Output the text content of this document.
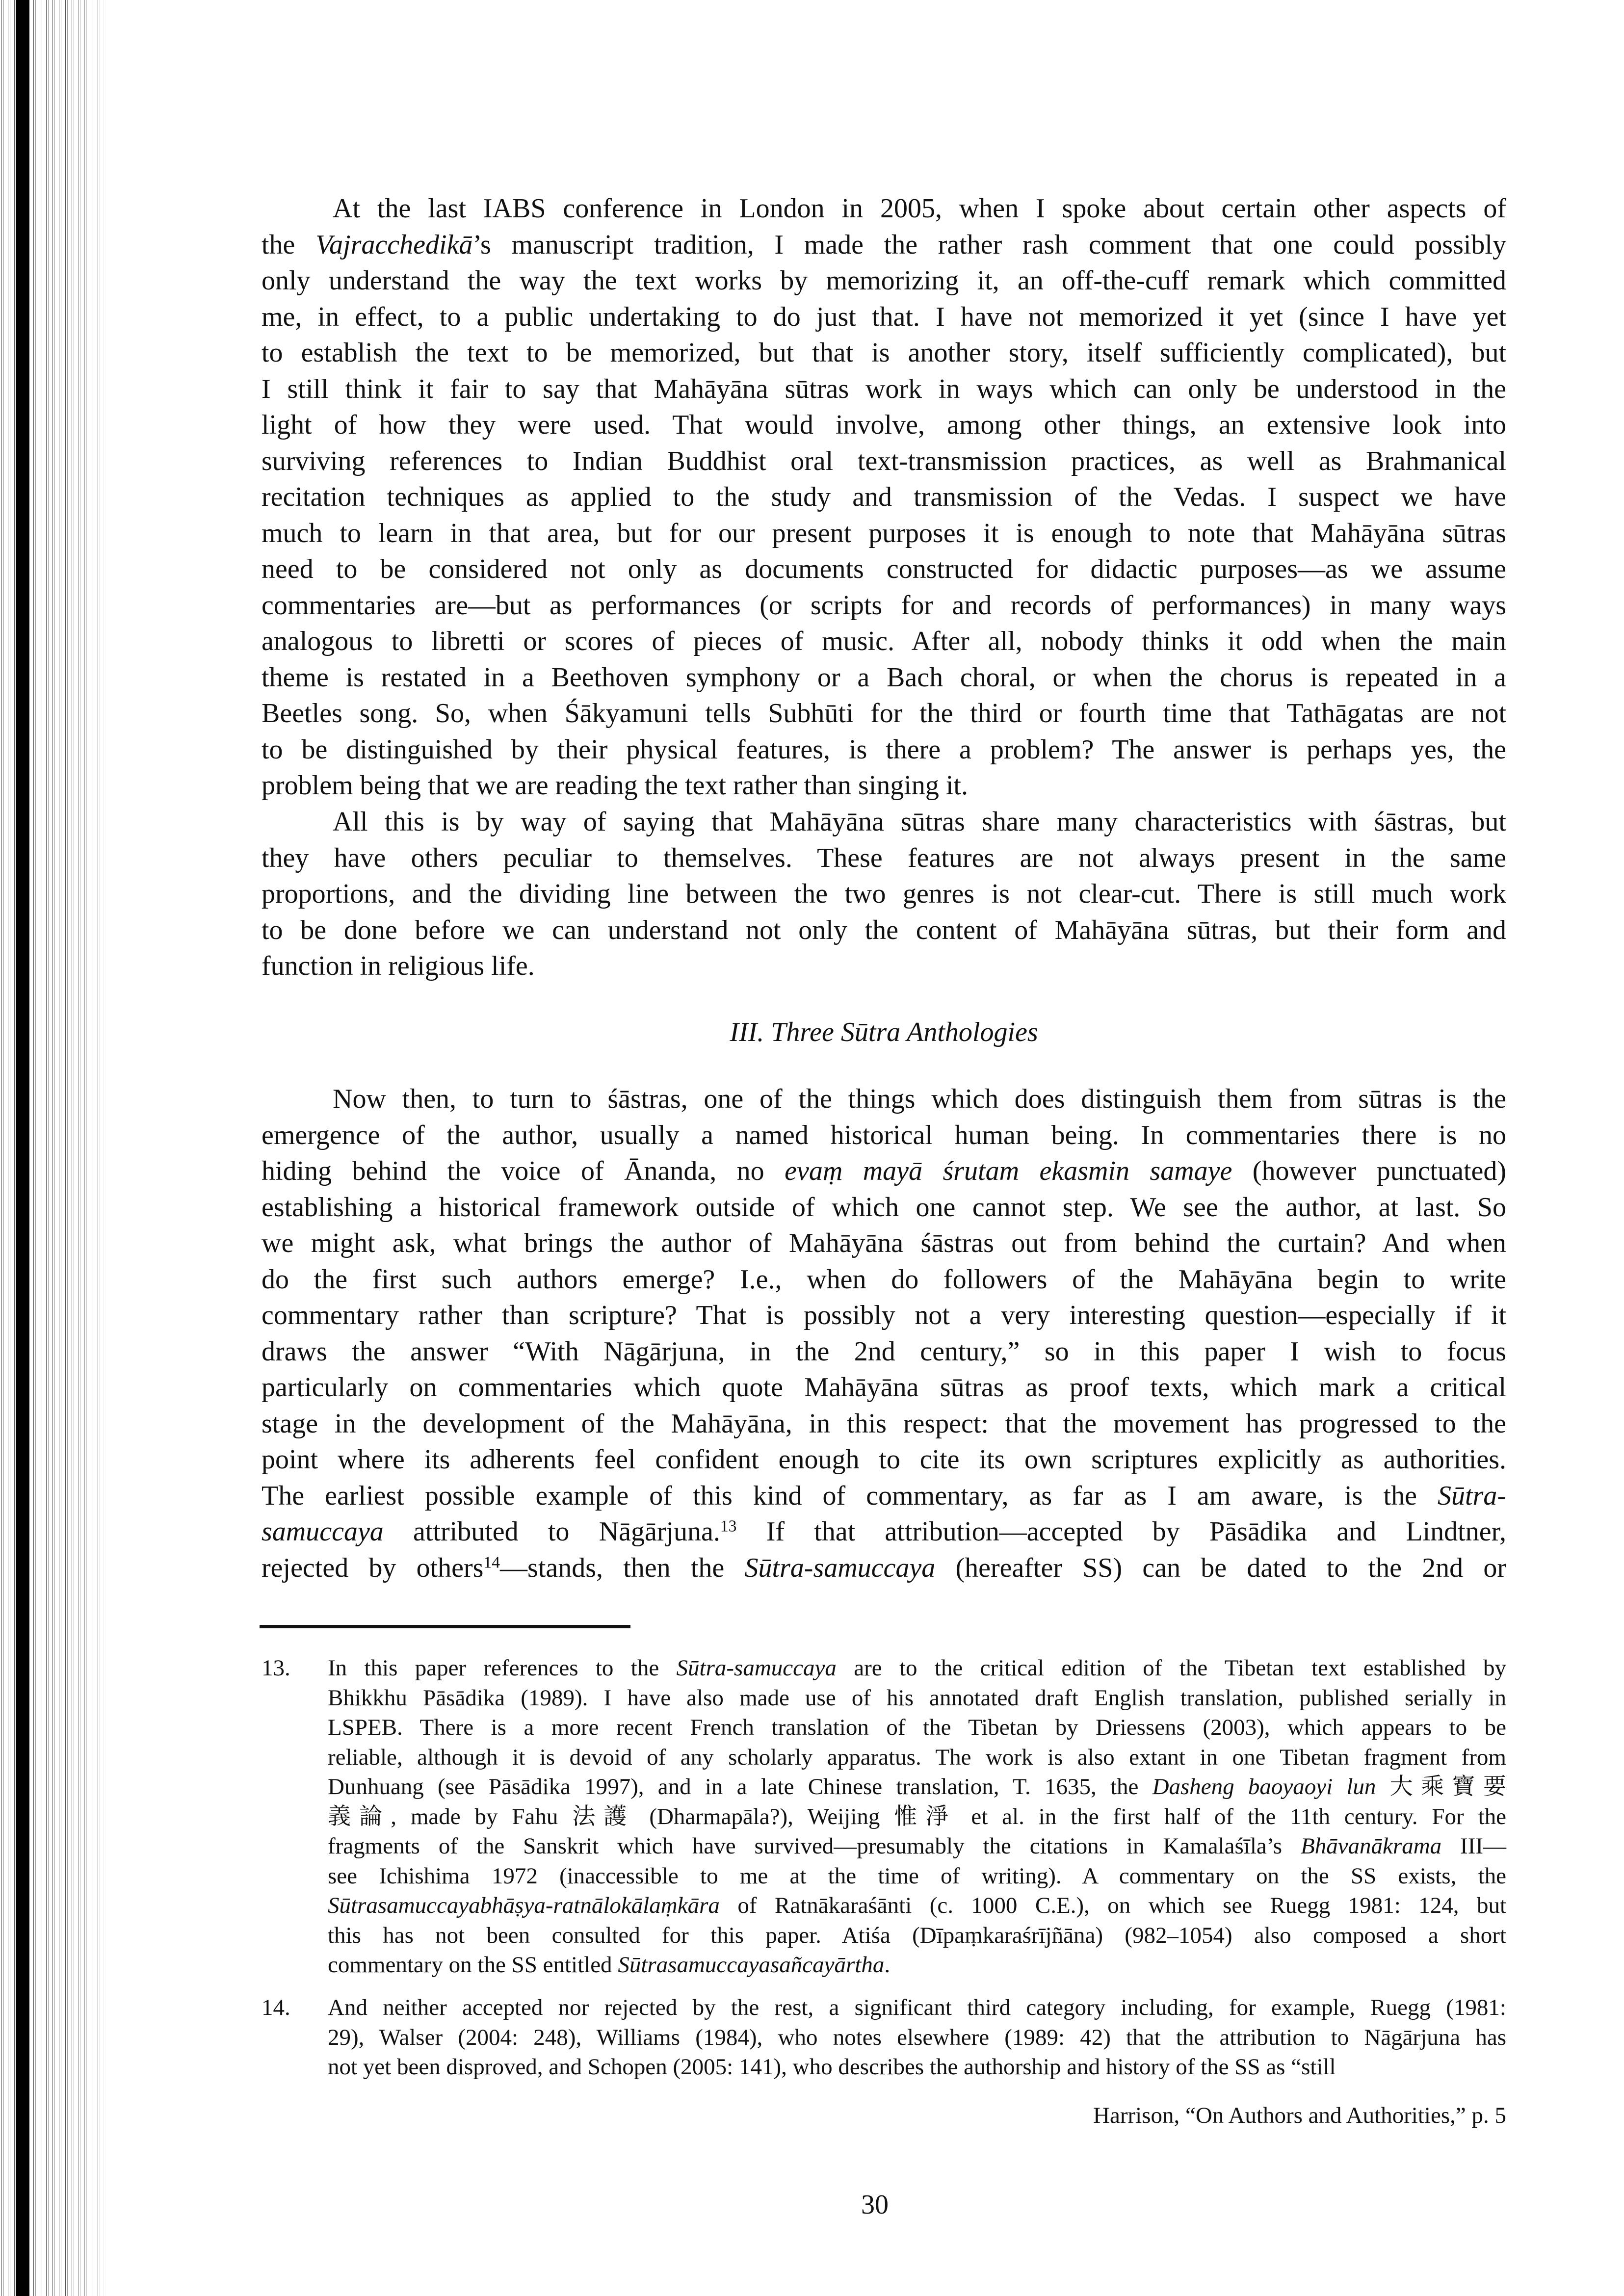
At the last IABS conference in London in 2005, when I spoke about certain other aspects of
the Vajracchedikā’s manuscript tradition, I made the rather rash comment that one could possibly
only understand the way the text works by memorizing it, an off-the-cuff remark which committed
me, in effect, to a public undertaking to do just that. I have not memorized it yet (since I have yet
to establish the text to be memorized, but that is another story, itself sufficiently complicated), but
I still think it fair to say that Mahāyāna sūtras work in ways which can only be understood in the
light of how they were used. That would involve, among other things, an extensive look into
surviving references to Indian Buddhist oral text-transmission practices, as well as Brahmanical
recitation techniques as applied to the study and transmission of the Vedas. I suspect we have
much to learn in that area, but for our present purposes it is enough to note that Mahāyāna sūtras
need to be considered not only as documents constructed for didactic purposes—as we assume
commentaries are—but as performances (or scripts for and records of performances) in many ways
analogous to libretti or scores of pieces of music. After all, nobody thinks it odd when the main
theme is restated in a Beethoven symphony or a Bach choral, or when the chorus is repeated in a
Beetles song. So, when Śākyamuni tells Subhūti for the third or fourth time that Tathāgatas are not
to be distinguished by their physical features, is there a problem? The answer is perhaps yes, the
problem being that we are reading the text rather than singing it.
All this is by way of saying that Mahāyāna sūtras share many characteristics with śāstras, but
they have others peculiar to themselves. These features are not always present in the same
proportions, and the dividing line between the two genres is not clear-cut. There is still much work
to be done before we can understand not only the content of Mahāyāna sūtras, but their form and
function in religious life.
III. Three Sūtra Anthologies
Now then, to turn to śāstras, one of the things which does distinguish them from sūtras is the
emergence of the author, usually a named historical human being. In commentaries there is no
hiding behind the voice of Ānanda, no evaṃ mayā śrutam ekasmin samaye (however punctuated)
establishing a historical framework outside of which one cannot step. We see the author, at last. So
we might ask, what brings the author of Mahāyāna śāstras out from behind the curtain? And when
do the first such authors emerge? I.e., when do followers of the Mahāyāna begin to write
commentary rather than scripture? That is possibly not a very interesting question—especially if it
draws the answer “With Nāgārjuna, in the 2nd century,” so in this paper I wish to focus
particularly on commentaries which quote Mahāyāna sūtras as proof texts, which mark a critical
stage in the development of the Mahāyāna, in this respect: that the movement has progressed to the
point where its adherents feel confident enough to cite its own scriptures explicitly as authorities.
The earliest possible example of this kind of commentary, as far as I am aware, is the Sūtra-
samuccaya attributed to Nāgārjuna.$^{13}$ If that attribution—accepted by Pāsādika and Lindtner,
rejected by others$^{14}$—stands, then the Sūtra-samuccaya (hereafter SS) can be dated to the 2nd or
13. In this paper references to the Sūtra-samuccaya are to the critical edition of the Tibetan text established by
Bhikkhu Pāsādika (1989). I have also made use of his annotated draft English translation, published serially in
LSPEB. There is a more recent French translation of the Tibetan by Driessens (2003), which appears to be
reliable, although it is devoid of any scholarly apparatus. The work is also extant in one Tibetan fragment from
Dunhuang (see Pāsādika 1997), and in a late Chinese translation, T. 1635, the Dasheng baoyaoyi lun 大乘寶要
義論, made by Fahu 法護 (Dharmapāla?), Weijing 惟淨 et al. in the first half of the 11th century. For the
fragments of the Sanskrit which have survived—presumably the citations in Kamalaśīla’s Bhāvanākrama III—
see Ichishima 1972 (inaccessible to me at the time of writing). A commentary on the SS exists, the
Sūtrasamuccayabhāṣya-ratnālokālaṃkāra of Ratnākaraśānti (c. 1000 C.E.), on which see Ruegg 1981: 124, but
this has not been consulted for this paper. Atiśa (Dīpaṃkaraśrījñāna) (982–1054) also composed a short
commentary on the SS entitled Sūtrasamuccayasañcayārtha.
14. And neither accepted nor rejected by the rest, a significant third category including, for example, Ruegg (1981:
29), Walser (2004: 248), Williams (1984), who notes elsewhere (1989: 42) that the attribution to Nāgārjuna has
not yet been disproved, and Schopen (2005: 141), who describes the authorship and history of the SS as “still
Harrison, “On Authors and Authorities,” p. 5
30
